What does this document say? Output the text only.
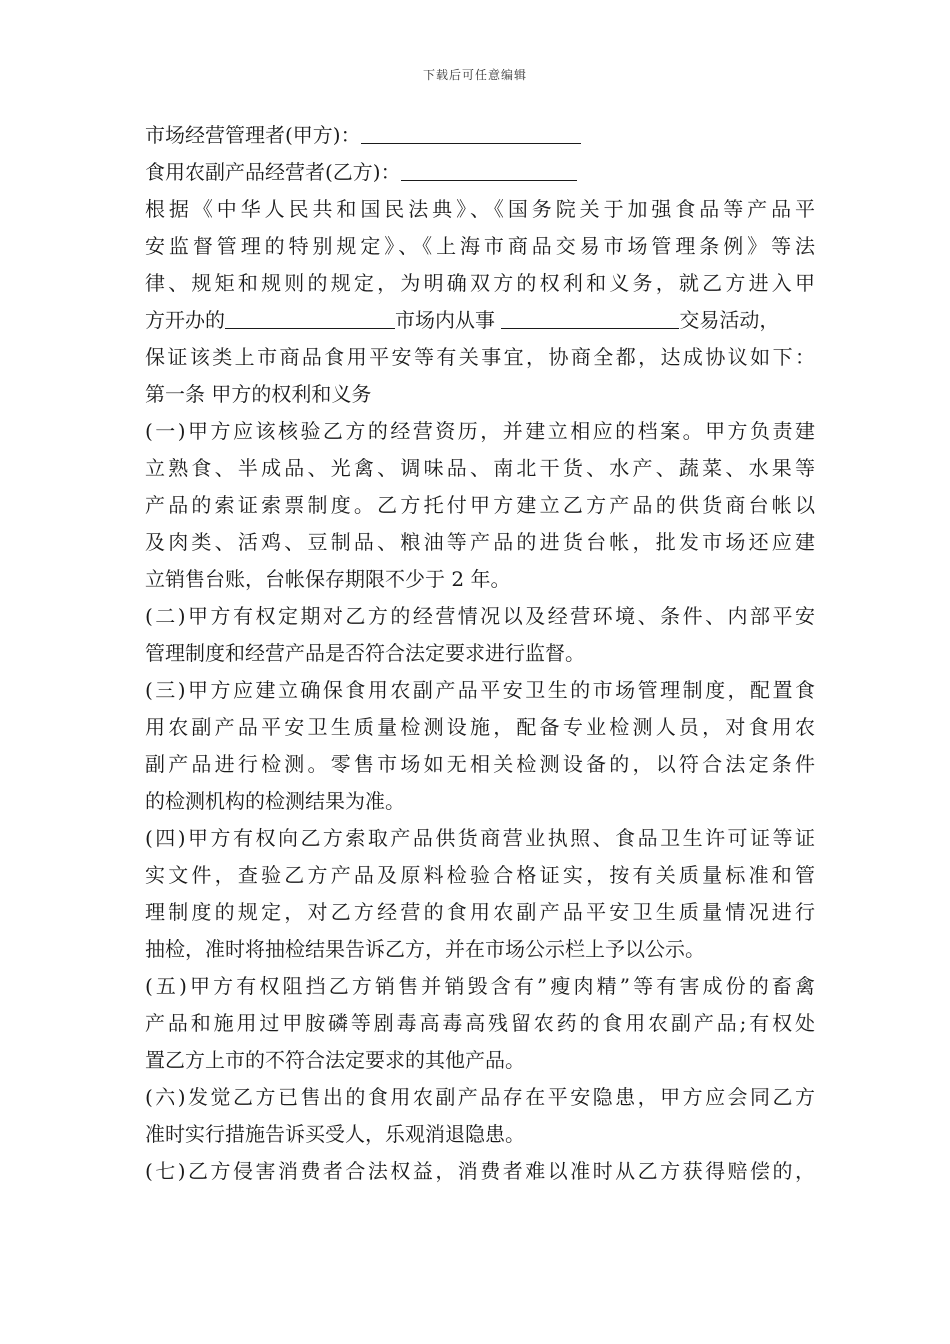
下载后可任意编辑
市场经营管理者(甲方)：
食用农副产品经营者(乙方)：
根据《中华人民共和国民法典》、《国务院关于加强食品等产品平
安监督管理的特别规定》、《上海市商品交易市场管理条例》等法
律、规矩和规则的规定，为明确双方的权利和义务，就乙方进入甲
方开办的	市场内从事	交易活动，
保证该类上市商品食用平安等有关事宜，协商全都，达成协议如下：
第一条 甲方的权利和义务
(一)甲方应该核验乙方的经营资历，并建立相应的档案。甲方负责建
立熟食、半成品、光禽、调味品、南北干货、水产、蔬菜、水果等
产品的索证索票制度。乙方托付甲方建立乙方产品的供货商台帐以
及肉类、活鸡、豆制品、粮油等产品的进货台帐，批发市场还应建
立销售台账，台帐保存期限不少于 2 年。
(二)甲方有权定期对乙方的经营情况以及经营环境、条件、内部平安
管理制度和经营产品是否符合法定要求进行监督。
(三)甲方应建立确保食用农副产品平安卫生的市场管理制度，配置食
用农副产品平安卫生质量检测设施，配备专业检测人员，对食用农
副产品进行检测。零售市场如无相关检测设备的，以符合法定条件
的检测机构的检测结果为准。
(四)甲方有权向乙方索取产品供货商营业执照、食品卫生许可证等证
实文件，查验乙方产品及原料检验合格证实，按有关质量标准和管
理制度的规定，对乙方经营的食用农副产品平安卫生质量情况进行
抽检，准时将抽检结果告诉乙方，并在市场公示栏上予以公示。
(五)甲方有权阻挡乙方销售并销毁含有”瘦肉精”等有害成份的畜禽
产品和施用过甲胺磷等剧毒高毒高残留农药的食用农副产品;有权处
置乙方上市的不符合法定要求的其他产品。
(六)发觉乙方已售出的食用农副产品存在平安隐患，甲方应会同乙方
准时实行措施告诉买受人，乐观消退隐患。
(七)乙方侵害消费者合法权益，消费者难以准时从乙方获得赔偿的，
